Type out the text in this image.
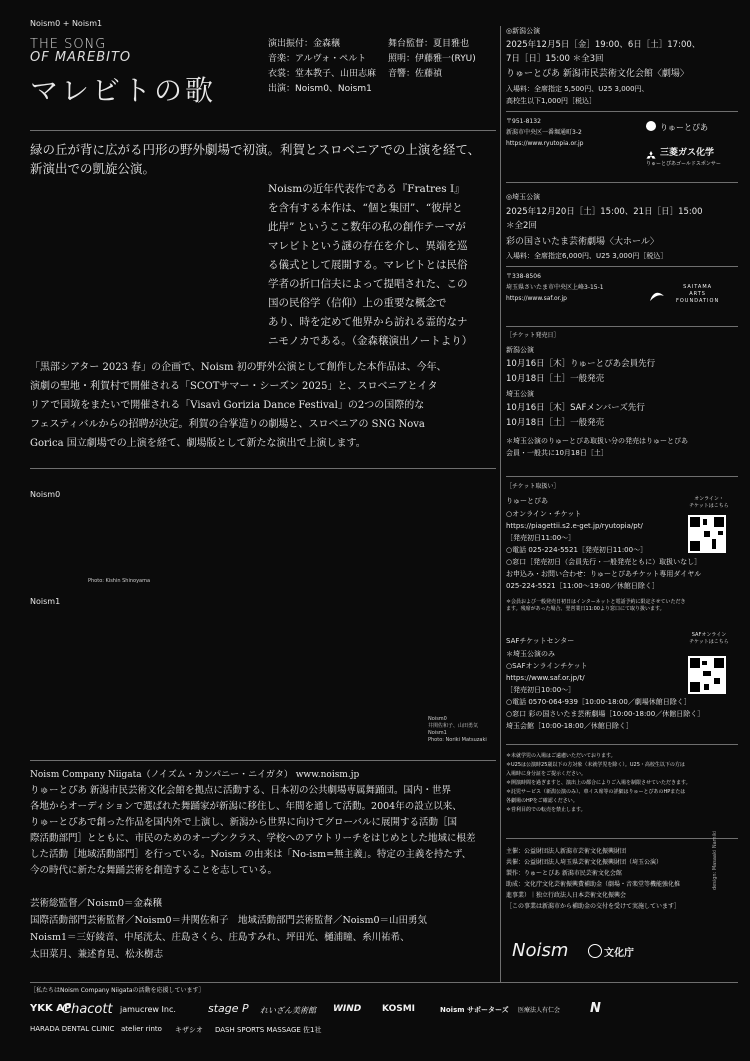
Noism0 + Noism1
THE SONG
OF MAREBITO
マレビトの歌
演出振付：金森穣
音楽：アルヴォ・ペルト
衣裳：堂本教子、山田志麻
出演：Noism0、Noism1
舞台監督：夏目雅也
照明：伊藤雅一(RYU)
音響：佐藤禎
緑の丘が背に広がる円形の野外劇場で初演。利賀とスロベニアでの上演を経て、
新演出での凱旋公演。
Noismの近年代表作である『Fratres I』
を含有する本作は、“個と集団”、“彼岸と
此岸” というここ数年の私の創作テーマが
マレビトという謎の存在を介し、異端を巡
る儀式として展開する。マレビトとは民俗
学者の折口信夫によって提唱された、この
国の民俗学（信仰）上の重要な概念で
あり、時を定めて他界から訪れる霊的なナ
ニモノカである。（金森穣演出ノートより）
「黒部シアター 2023 春」の企画で、Noism 初の野外公演として創作した本作品は、今年、
演劇の聖地・利賀村で開催される「SCOTサマー・シーズン 2025」と、スロベニアとイタ
リアで国境をまたいで開催される「Visavì Gorizia Dance Festival」の2つの国際的な
フェスティバルからの招聘が決定。利賀の合掌造りの劇場と、スロベニアの SNG Nova
Gorica 国立劇場での上演を経て、劇場版として新たな演出で上演します。
Noism0
Photo: Kishin Shinoyama
Noism1
Noism0
井関佐和子、山田勇気
Noism1
Photo: Noriki Matsuzaki
Noism Company Niigata（ノイズム・カンパニー・ニイガタ） www.noism.jp
りゅーとぴあ 新潟市民芸術文化会館を拠点に活動する、日本初の公共劇場専属舞踊団。国内・世界
各地からオーディションで選ばれた舞踊家が新潟に移住し、年間を通して活動。2004年の設立以来、
りゅーとぴあで創った作品を国内外で上演し、新潟から世界に向けてグローバルに展開する活動［国
際活動部門］とともに、市民のためのオープンクラス、学校へのアウトリーチをはじめとした地域に根差
した活動［地域活動部門］を行っている。Noism の由来は「No-ism=無主義」。特定の主義を持たず、
今の時代に新たな舞踊芸術を創造することを志している。
芸術総監督／Noism0＝金森穣
国際活動部門芸術監督／Noism0＝井関佐和子　地域活動部門芸術監督／Noism0＝山田勇気
Noism1＝三好綾音、中尾洸太、庄島さくら、庄島すみれ、坪田光、樋浦瞳、糸川祐希、
太田菜月、兼述育見、松永樹志
［私たちはNoism Company Niigataの活動を応援しています］
YKK AP
Chacott jamucrew Inc.	stage P れいざん美術館 WIND KOSMI	Noism サポーターズ 医療法人有仁会 N
HARADA DENTAL CLINIC atelier rinto キザシオ DASH SPORTS MASSAGE 佐1社
◎新潟公演
2025年12月5日［金］19:00、6日［土］17:00、
7日［日］15:00 ＊全3回
りゅーとぴあ 新潟市民芸術文化会館〈劇場〉
入場料：全席指定 5,500円、U25 3,000円、
高校生以下1,000円［税込］
〒951-8132
新潟市中央区一番堀通町3-2
https://www.ryutopia.or.jp
りゅーとぴあ
三菱ガス化学
りゅーとぴあゴールドスポンサー
◎埼玉公演
2025年12月20日［土］15:00、21日［日］15:00
＊全2回
彩の国さいたま芸術劇場〈大ホール〉
入場料：全席指定6,000円、U25 3,000円［税込］
〒338-8506
埼玉県さいたま市中央区上峰3-15-1
https://www.saf.or.jp
SAITAMA
ARTS
FOUNDATION
［チケット発売日］
新潟公演
10月16日［木］りゅーとぴあ会員先行
10月18日［土］一般発売
埼玉公演
10月16日［木］SAFメンバーズ先行
10月18日［土］一般発売
＊埼玉公演のりゅーとぴあ取扱い分の発売はりゅーとぴあ
会員・一般共に10月18日［土］
［チケット取扱い］
りゅーとぴあ	オンライン・
チケットはこちら
○オンライン・チケット
https://piagettii.s2.e-get.jp/ryutopia/pt/
［発売初日11:00〜］
○電話 025-224-5521［発売初日11:00〜］
○窓口［発売初日（会員先行・一般発売ともに）取扱いなし］
お申込み・お問い合わせ：りゅーとぴあチケット専用ダイヤル
025-224-5521［11:00〜19:00／休館日除く］
＊会員および一般発売日初日はインターネットと電話予約に限定させていただき
ます。残席があった場合、翌営業日11:00より窓口にて取り扱います。
SAFチケットセンター
SAFオンライン
チケットはこちら
＊埼玉公演のみ
○SAFオンラインチケット
https://www.saf.or.jp/t/
［発売初日10:00〜］
○電話 0570-064-939［10:00-18:00／劇場休館日除く］
○窓口 彩の国さいたま芸術劇場［10:00-18:00／休館日除く］
埼玉会館［10:00-18:00／休館日除く］
＊未就学児の入場はご遠慮いただいております。
＊U25は公演時25歳以下の方対象（未就学児を除く）。U25・高校生以下の方は
入場時に身分証をご提示ください。
＊開演時間を過ぎますと、演出上の都合によりご入場を制限させていただきます。
＊託児サービス（新潟公演のみ）、車イス席等の詳細はりゅーとぴあのHPまたは
各劇場のHPをご確認ください。
＊営利目的での転売を禁止します。
主催：公益財団法人新潟市芸術文化振興財団
共催：公益財団法人埼玉県芸術文化振興財団（埼玉公演）
製作：りゅーとぴあ 新潟市民芸術文化会館
助成：文化庁文化芸術振興費補助金（劇場・音楽堂等機能強化推
進事業）｜独立行政法人日本芸術文化振興会
［この事業は新潟市から補助金の交付を受けて実施しています］
Noism	文化庁
design: Masaaki Namiki
